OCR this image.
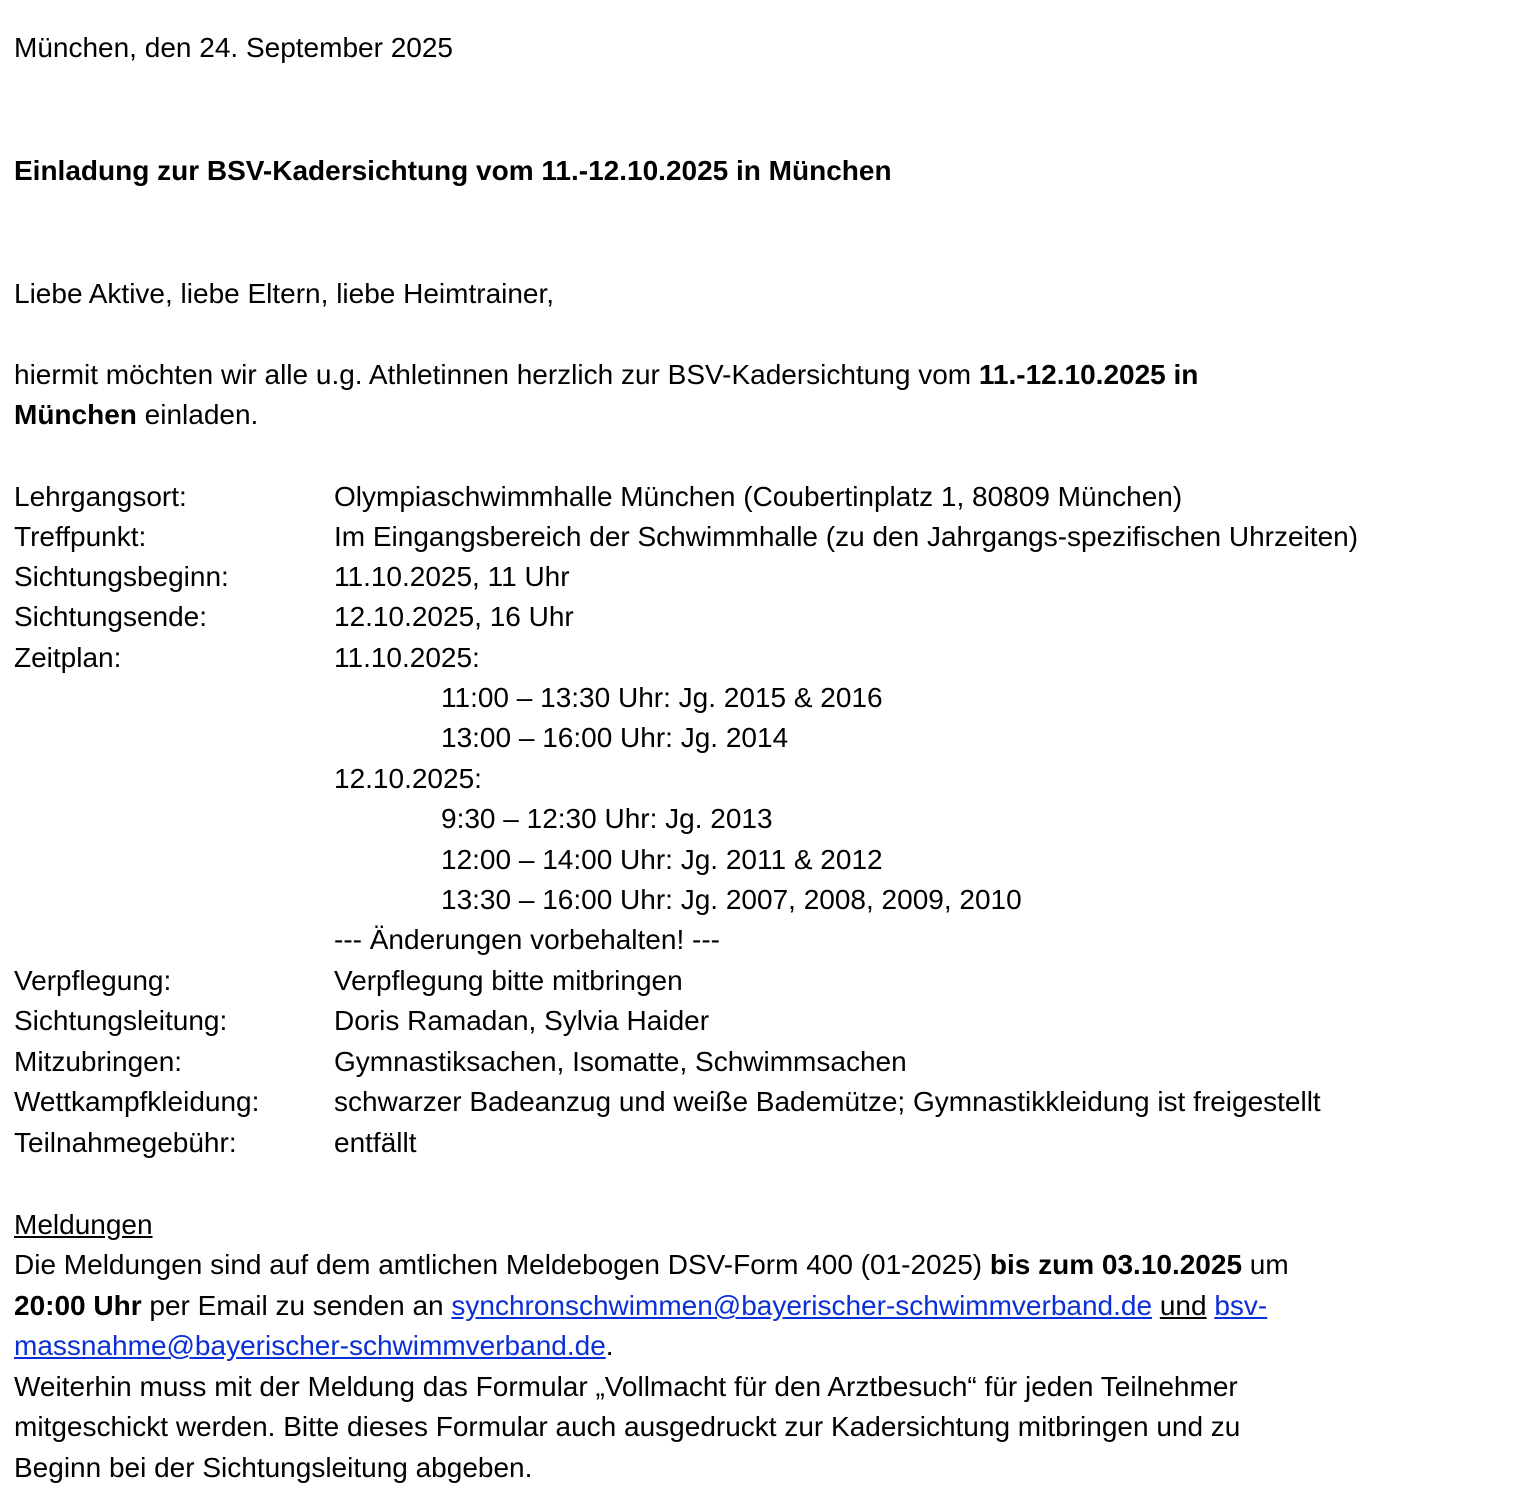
München, den 24. September 2025
Einladung zur BSV-Kadersichtung vom 11.-12.10.2025 in München
Liebe Aktive, liebe Eltern, liebe Heimtrainer,
hiermit möchten wir alle u.g. Athletinnen herzlich zur BSV-Kadersichtung vom 11.-12.10.2025 in
München einladen.
Lehrgangsort:	Olympiaschwimmhalle München (Coubertinplatz 1, 80809 München)
Treffpunkt:	Im Eingangsbereich der Schwimmhalle (zu den Jahrgangs-spezifischen Uhrzeiten)
Sichtungsbeginn:	11.10.2025, 11 Uhr
Sichtungsende:	12.10.2025, 16 Uhr
Zeitplan:	11.10.2025:
11:00 – 13:30 Uhr: Jg. 2015 & 2016
13:00 – 16:00 Uhr: Jg. 2014
12.10.2025:
9:30 – 12:30 Uhr: Jg. 2013
12:00 – 14:00 Uhr: Jg. 2011 & 2012
13:30 – 16:00 Uhr: Jg. 2007, 2008, 2009, 2010
--- Änderungen vorbehalten! ---
Verpflegung:	Verpflegung bitte mitbringen
Sichtungsleitung:	Doris Ramadan, Sylvia Haider
Mitzubringen:	Gymnastiksachen, Isomatte, Schwimmsachen
Wettkampfkleidung:	schwarzer Badeanzug und weiße Bademütze; Gymnastikkleidung ist freigestellt
Teilnahmegebühr:	entfällt
Meldungen
Die Meldungen sind auf dem amtlichen Meldebogen DSV-Form 400 (01-2025) bis zum 03.10.2025 um
20:00 Uhr per Email zu senden an synchronschwimmen@bayerischer-schwimmverband.de und bsv-
massnahme@bayerischer-schwimmverband.de.
Weiterhin muss mit der Meldung das Formular „Vollmacht für den Arztbesuch“ für jeden Teilnehmer
mitgeschickt werden. Bitte dieses Formular auch ausgedruckt zur Kadersichtung mitbringen und zu
Beginn bei der Sichtungsleitung abgeben.
